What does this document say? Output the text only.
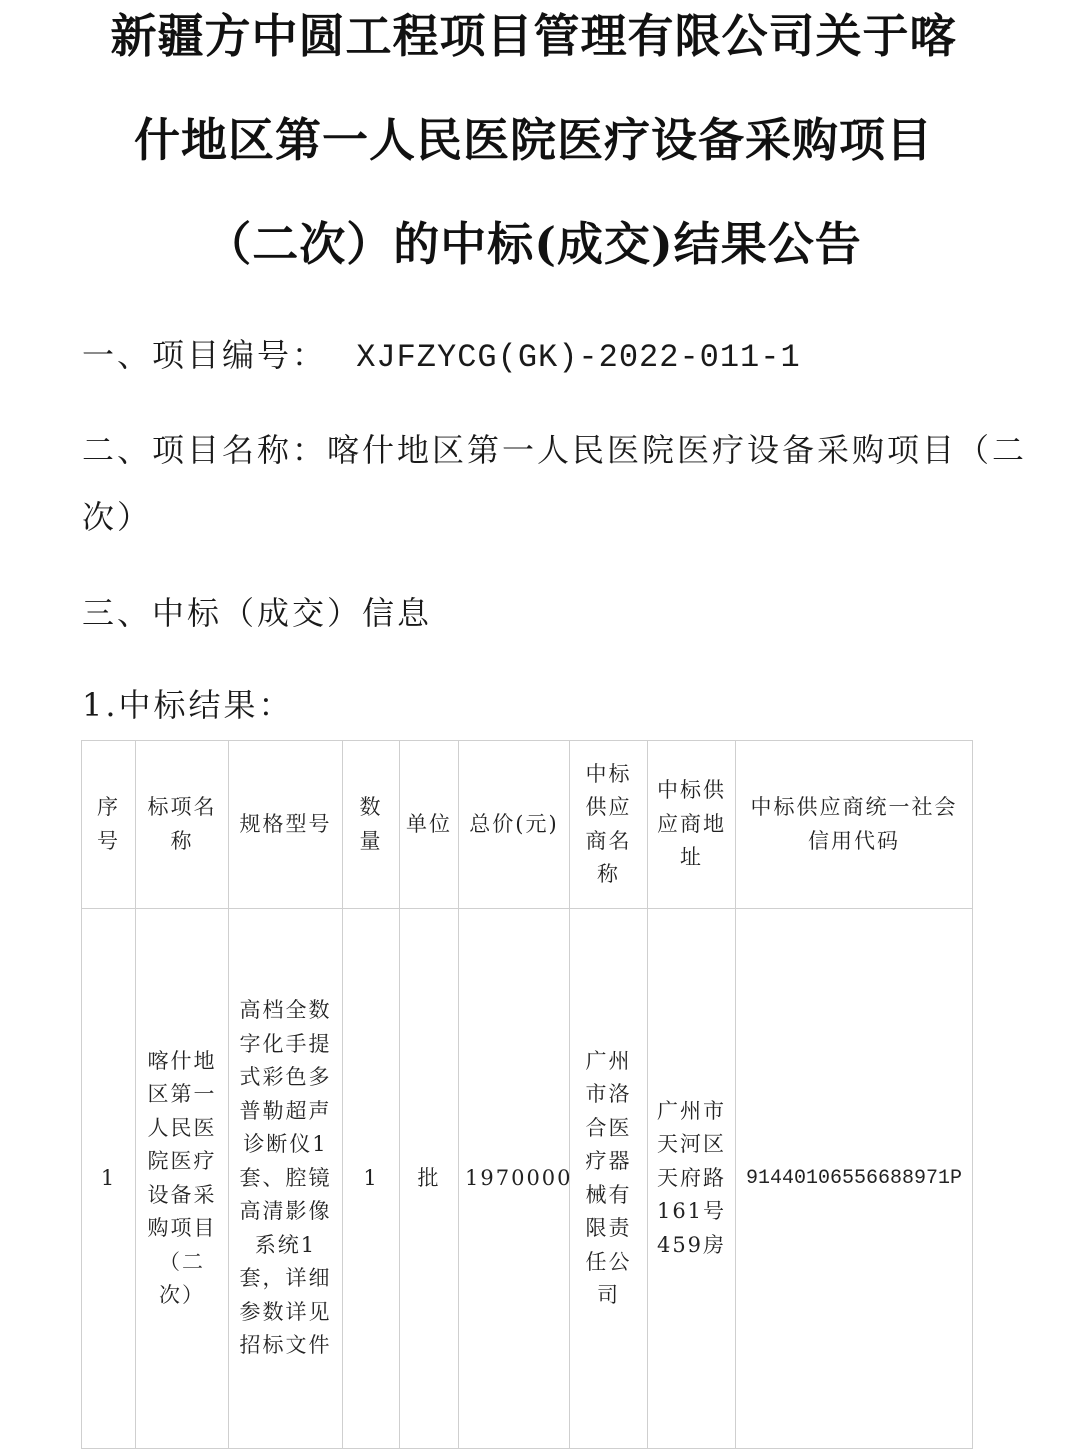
新疆方中圆工程项目管理有限公司关于喀
什地区第一人民医院医疗设备采购项目
（二次）的中标(成交)结果公告
一、项目编号： XJFZYCG(GK)-2022-011-1
二、项目名称：喀什地区第一人民医院医疗设备采购项目（二
次）
三、中标（成交）信息
1.中标结果：
序号	标项名称	规格型号	数量	单位	总价(元)	中标供应商名称	中标供应商地址	中标供应商统一社会信用代码
1	喀什地区第一人民医院医疗设备采购项目（二次）	高档全数字化手提式彩色多普勒超声诊断仪1套、腔镜高清影像系统1套，详细参数详见招标文件	1	批	1970000	广州市洛合医疗器械有限责任公司	广州市天河区天府路161号459房	91440106556688971P
